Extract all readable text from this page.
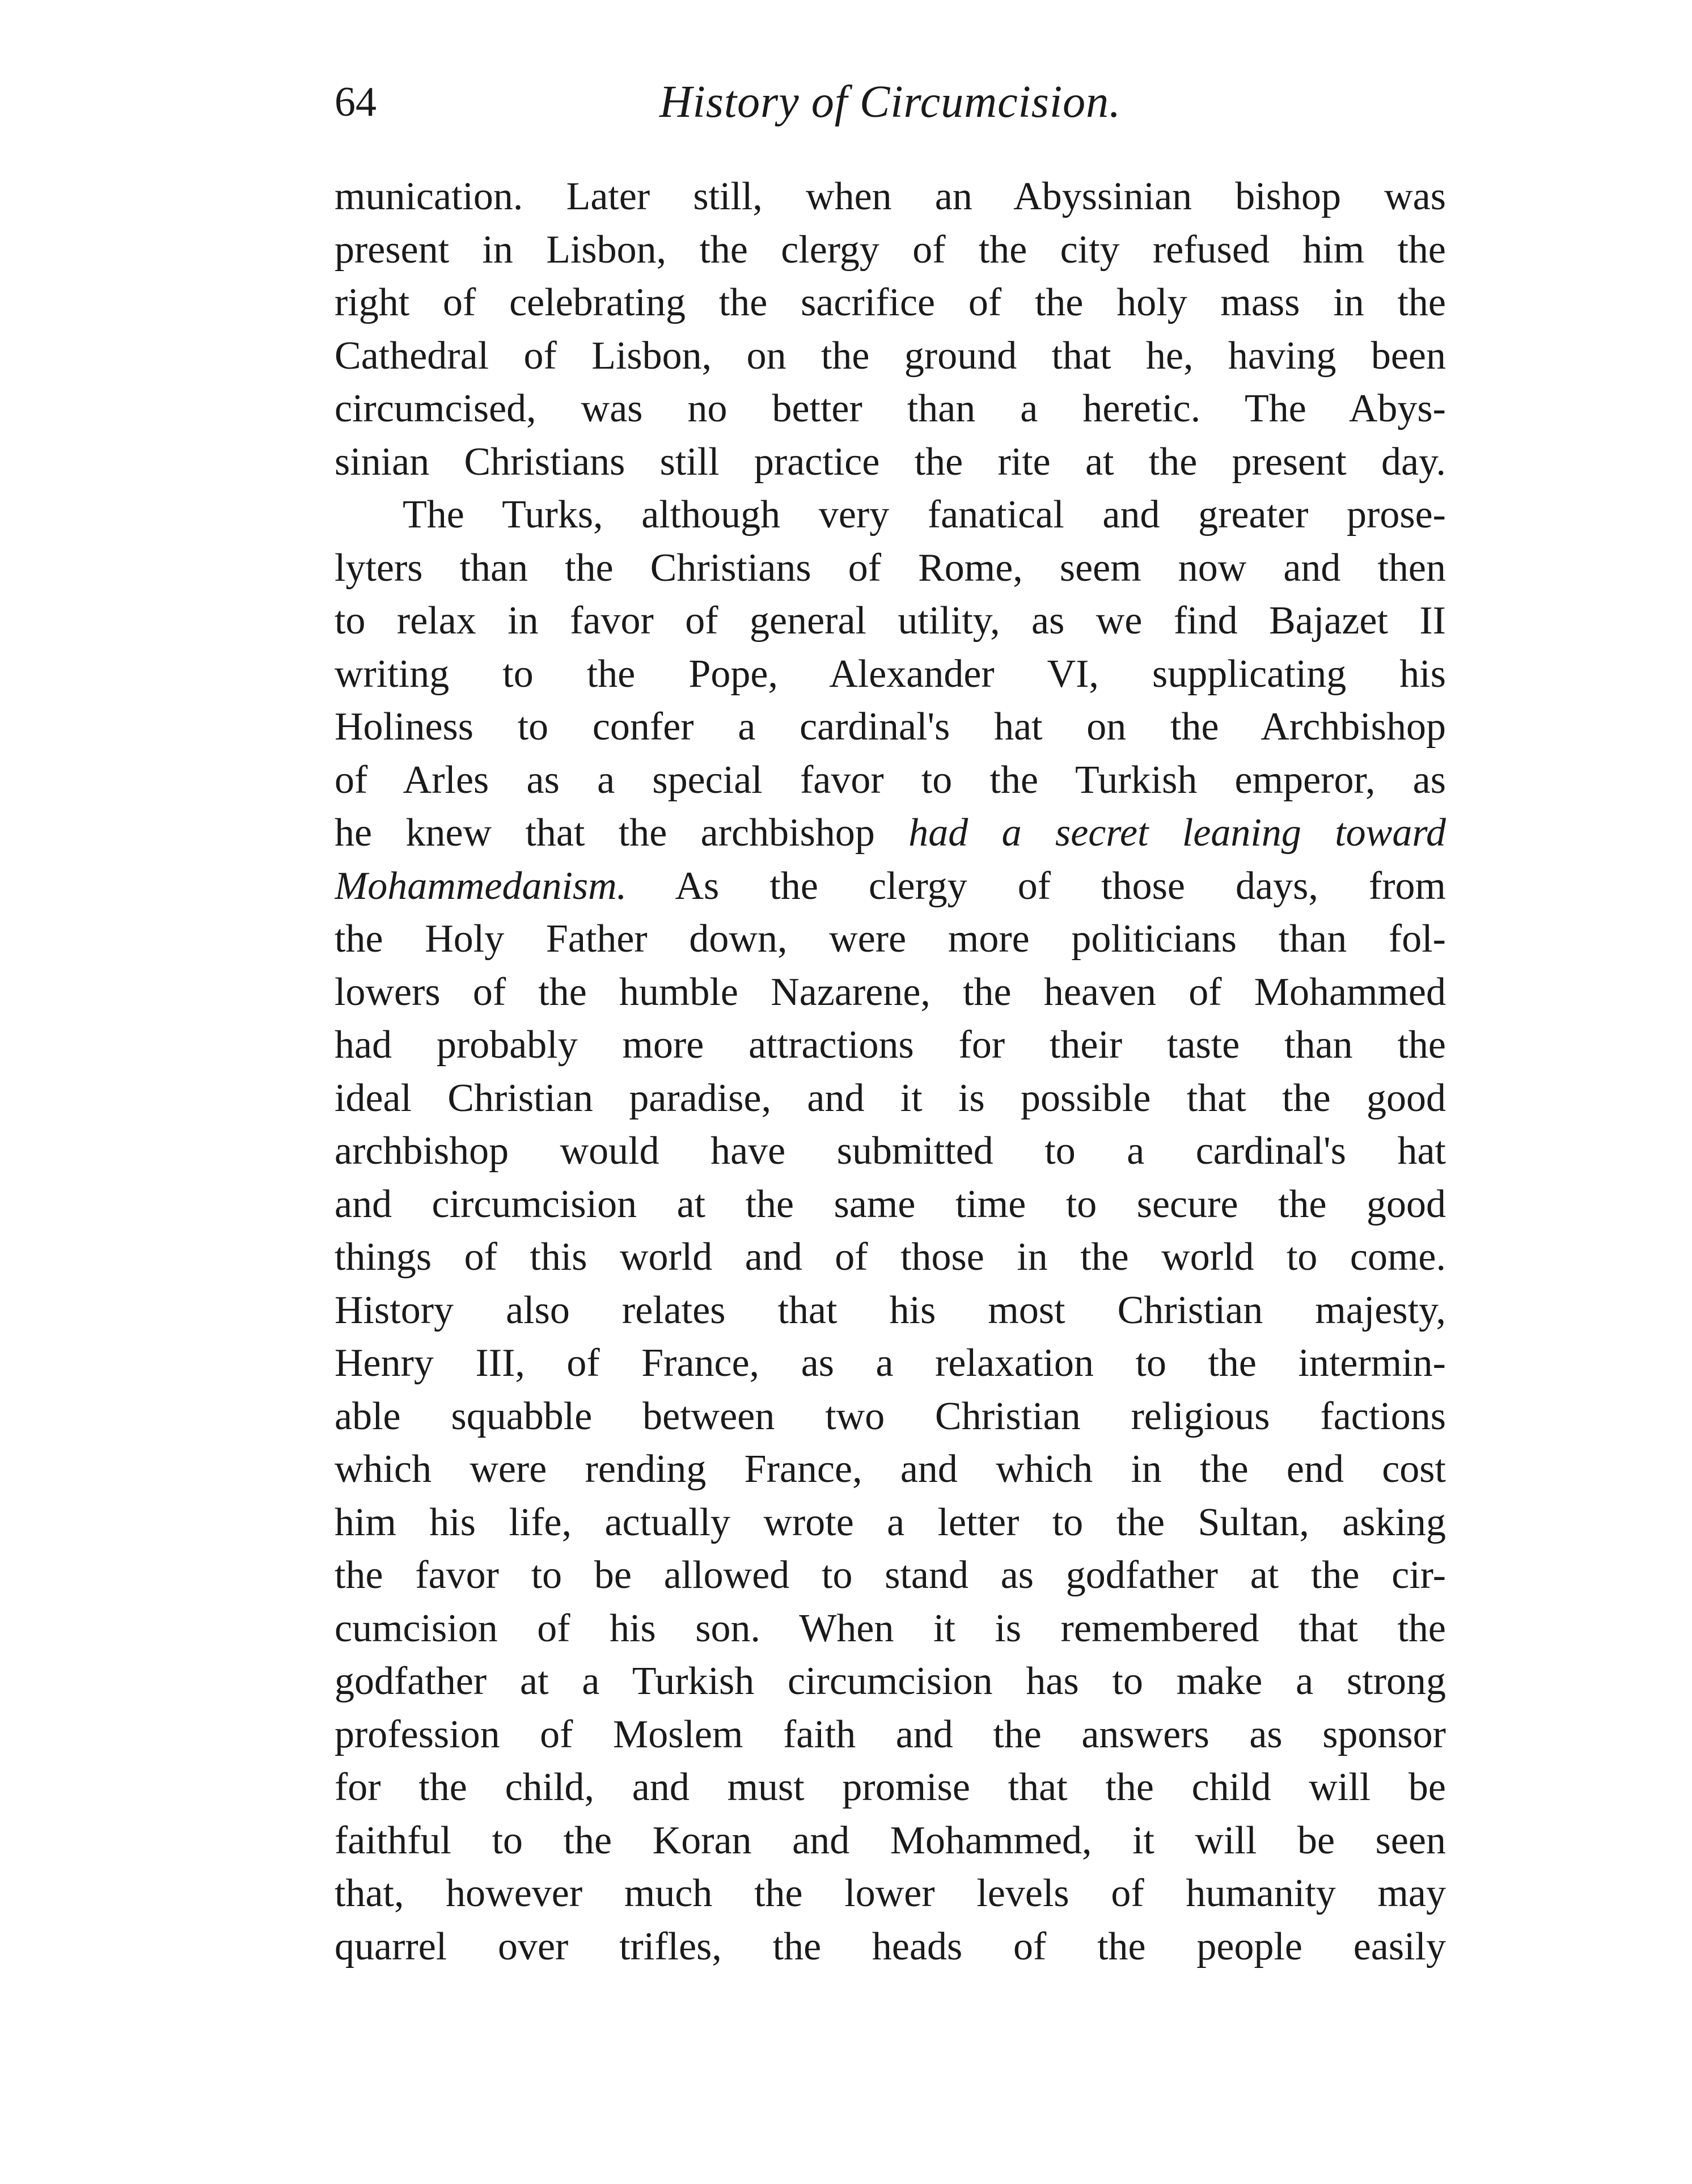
64	History of Circumcision.
munication. Later still, when an Abyssinian bishop was
present in Lisbon, the clergy of the city refused him the
right of celebrating the sacrifice of the holy mass in the
Cathedral of Lisbon, on the ground that he, having been
circumcised, was no better than a heretic. The Abys-
sinian Christians still practice the rite at the present day.
The Turks, although very fanatical and greater prose-
lyters than the Christians of Rome, seem now and then
to relax in favor of general utility, as we find Bajazet II
writing to the Pope, Alexander VI, supplicating his
Holiness to confer a cardinal's hat on the Archbishop
of Arles as a special favor to the Turkish emperor, as
he knew that the archbishop had a secret leaning toward
Mohammedanism. As the clergy of those days, from
the Holy Father down, were more politicians than fol-
lowers of the humble Nazarene, the heaven of Mohammed
had probably more attractions for their taste than the
ideal Christian paradise, and it is possible that the good
archbishop would have submitted to a cardinal's hat
and circumcision at the same time to secure the good
things of this world and of those in the world to come.
History also relates that his most Christian majesty,
Henry III, of France, as a relaxation to the intermin-
able squabble between two Christian religious factions
which were rending France, and which in the end cost
him his life, actually wrote a letter to the Sultan, asking
the favor to be allowed to stand as godfather at the cir-
cumcision of his son. When it is remembered that the
godfather at a Turkish circumcision has to make a strong
profession of Moslem faith and the answers as sponsor
for the child, and must promise that the child will be
faithful to the Koran and Mohammed, it will be seen
that, however much the lower levels of humanity may
quarrel over trifles, the heads of the people easily
